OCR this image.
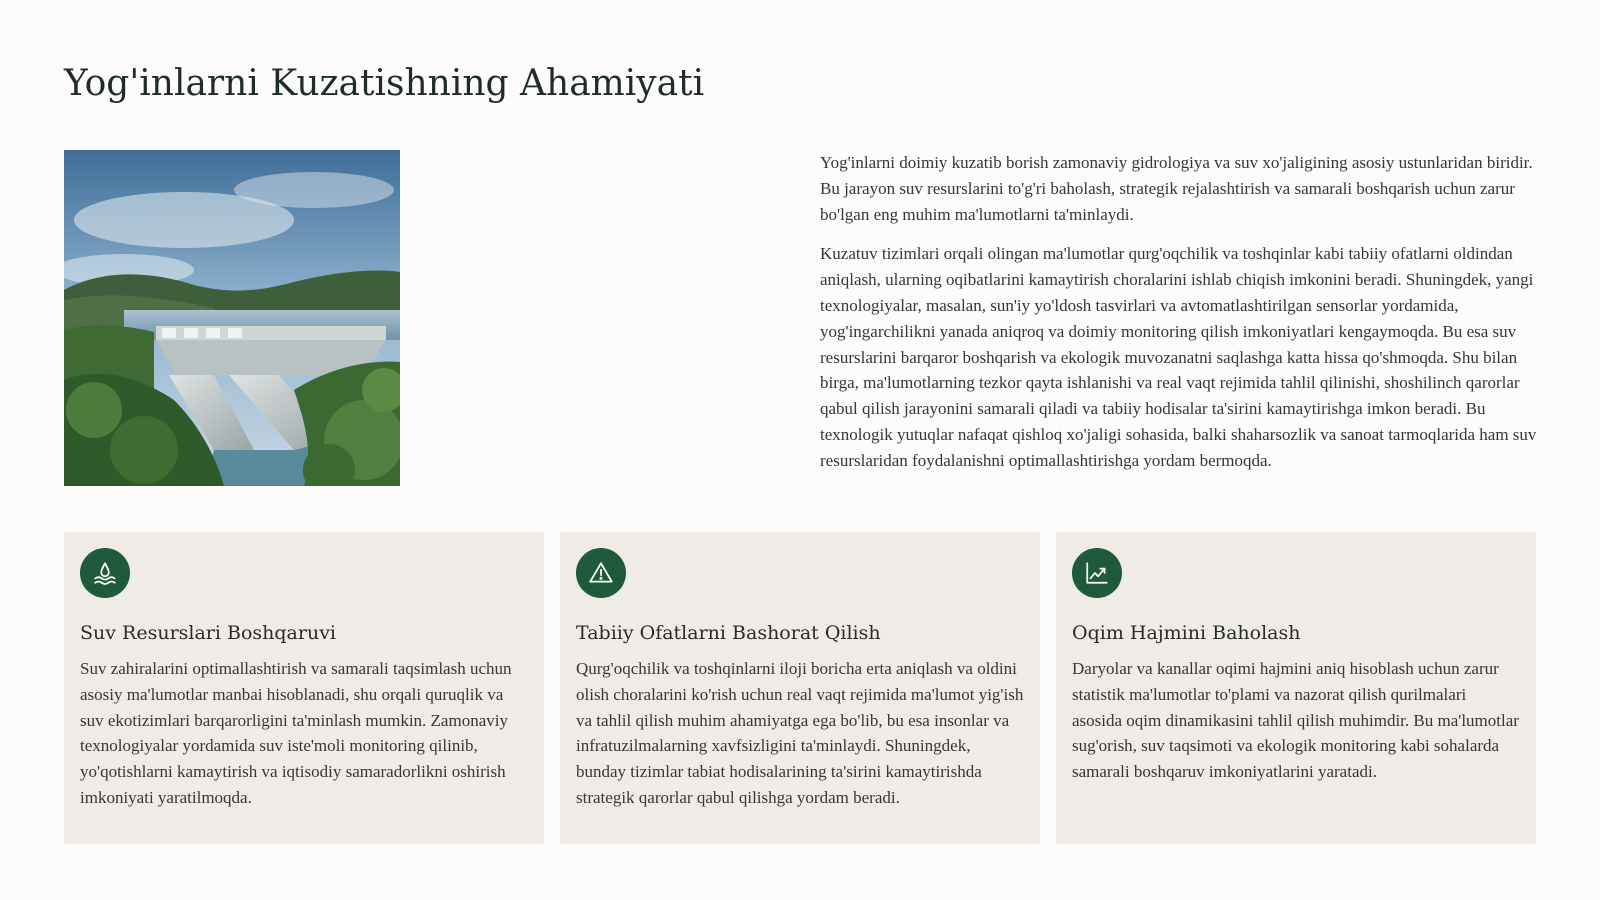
Yog'inlarni Kuzatishning Ahamiyati

Yog'inlarni doimiy kuzatib borish zamonaviy gidrologiya va suv xo'jaligining asosiy ustunlaridan biridir. Bu jarayon suv resurslarini to'g'ri baholash, strategik rejalashtirish va samarali boshqarish uchun zarur bo'lgan eng muhim ma'lumotlarni ta'minlaydi.

Kuzatuv tizimlari orqali olingan ma'lumotlar qurg'oqchilik va toshqinlar kabi tabiiy ofatlarni oldindan aniqlash, ularning oqibatlarini kamaytirish choralarini ishlab chiqish imkonini beradi. Shuningdek, yangi texnologiyalar, masalan, sun'iy yo'ldosh tasvirlari va avtomatlashtirilgan sensorlar yordamida, yog'ingarchilikni yanada aniqroq va doimiy monitoring qilish imkoniyatlari kengaymoqda. Bu esa suv resurslarini barqaror boshqarish va ekologik muvozanatni saqlashga katta hissa qo'shmoqda. Shu bilan birga, ma'lumotlarning tezkor qayta ishlanishi va real vaqt rejimida tahlil qilinishi, shoshilinch qarorlar qabul qilish jarayonini samarali qiladi va tabiiy hodisalar ta'sirini kamaytirishga imkon beradi. Bu texnologik yutuqlar nafaqat qishloq xo'jaligi sohasida, balki shaharsozlik va sanoat tarmoqlarida ham suv resurslaridan foydalanishni optimallashtirishga yordam bermoqda.

Suv Resurslari Boshqaruvi

Suv zahiralarini optimallashtirish va samarali taqsimlash uchun asosiy ma'lumotlar manbai hisoblanadi, shu orqali quruqlik va suv ekotizimlari barqarorligini ta'minlash mumkin. Zamonaviy texnologiyalar yordamida suv iste'moli monitoring qilinib, yo'qotishlarni kamaytirish va iqtisodiy samaradorlikni oshirish imkoniyati yaratilmoqda.

Tabiiy Ofatlarni Bashorat Qilish

Qurg'oqchilik va toshqinlarni iloji boricha erta aniqlash va oldini olish choralarini ko'rish uchun real vaqt rejimida ma'lumot yig'ish va tahlil qilish muhim ahamiyatga ega bo'lib, bu esa insonlar va infratuzilmalarning xavfsizligini ta'minlaydi. Shuningdek, bunday tizimlar tabiat hodisalarining ta'sirini kamaytirishda strategik qarorlar qabul qilishga yordam beradi.

Oqim Hajmini Baholash

Daryolar va kanallar oqimi hajmini aniq hisoblash uchun zarur statistik ma'lumotlar to'plami va nazorat qilish qurilmalari asosida oqim dinamikasini tahlil qilish muhimdir. Bu ma'lumotlar sug'orish, suv taqsimoti va ekologik monitoring kabi sohalarda samarali boshqaruv imkoniyatlarini yaratadi.
